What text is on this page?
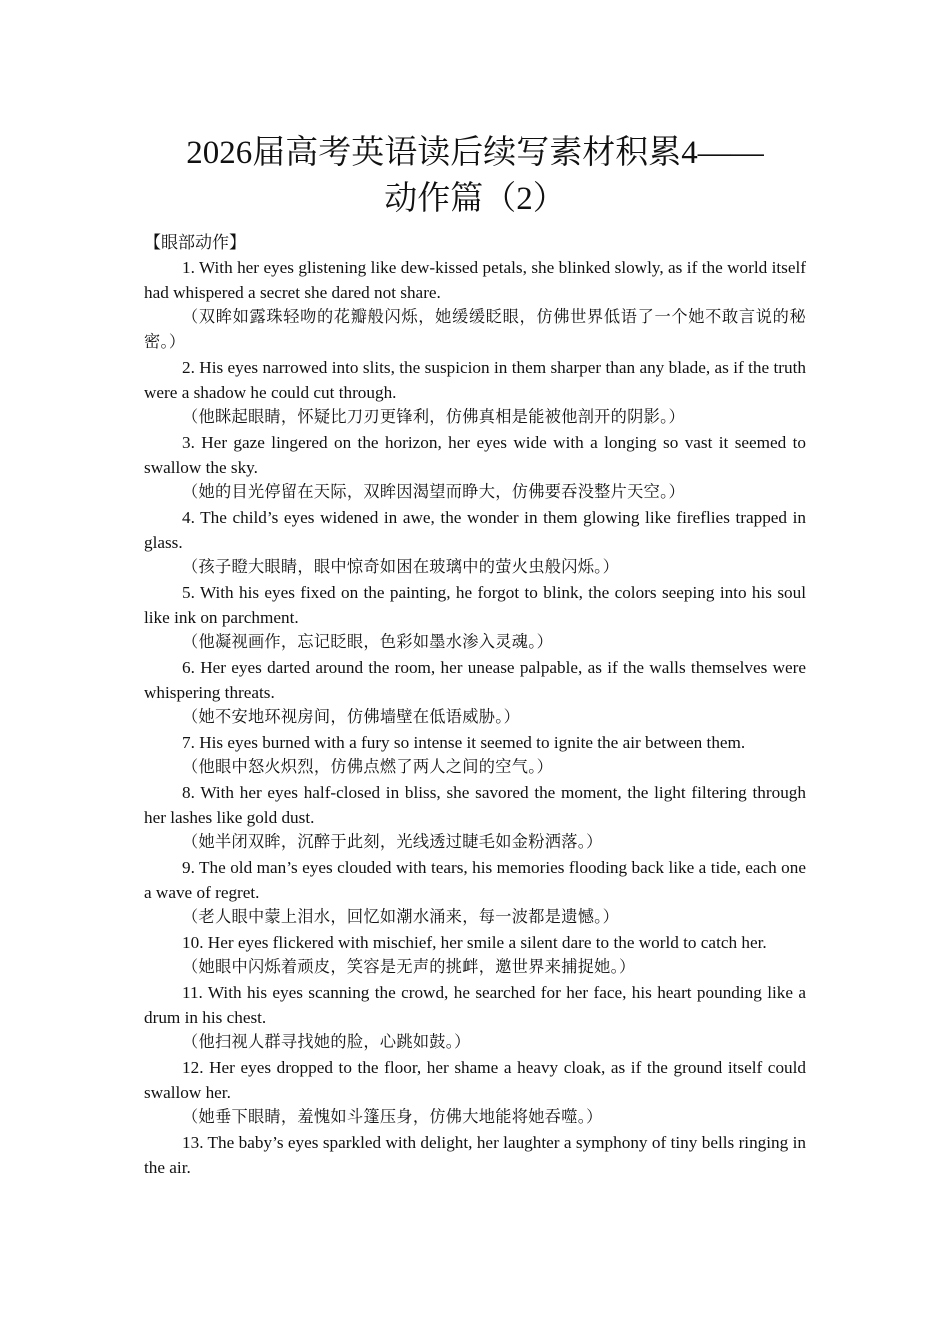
2026届高考英语读后续写素材积累4——
动作篇（2）

【眼部动作】

1. With her eyes glistening like dew-kissed petals, she blinked slowly, as if the world itself had whispered a secret she dared not share.

（双眸如露珠轻吻的花瓣般闪烁，她缓缓眨眼，仿佛世界低语了一个她不敢言说的秘密。）

2. His eyes narrowed into slits, the suspicion in them sharper than any blade, as if the truth were a shadow he could cut through.

（他眯起眼睛，怀疑比刀刃更锋利，仿佛真相是能被他剖开的阴影。）

3. Her gaze lingered on the horizon, her eyes wide with a longing so vast it seemed to swallow the sky.

（她的目光停留在天际，双眸因渴望而睁大，仿佛要吞没整片天空。）

4. The child’s eyes widened in awe, the wonder in them glowing like fireflies trapped in glass.

（孩子瞪大眼睛，眼中惊奇如困在玻璃中的萤火虫般闪烁。）

5. With his eyes fixed on the painting, he forgot to blink, the colors seeping into his soul like ink on parchment.

（他凝视画作，忘记眨眼，色彩如墨水渗入灵魂。）

6. Her eyes darted around the room, her unease palpable, as if the walls themselves were whispering threats.

（她不安地环视房间，仿佛墙壁在低语威胁。）

7. His eyes burned with a fury so intense it seemed to ignite the air between them.

（他眼中怒火炽烈，仿佛点燃了两人之间的空气。）

8. With her eyes half-closed in bliss, she savored the moment, the light filtering through her lashes like gold dust.

（她半闭双眸，沉醉于此刻，光线透过睫毛如金粉洒落。）

9. The old man’s eyes clouded with tears, his memories flooding back like a tide, each one a wave of regret.

（老人眼中蒙上泪水，回忆如潮水涌来，每一波都是遗憾。）

10. Her eyes flickered with mischief, her smile a silent dare to the world to catch her.

（她眼中闪烁着顽皮，笑容是无声的挑衅，邀世界来捕捉她。）

11. With his eyes scanning the crowd, he searched for her face, his heart pounding like a drum in his chest.

（他扫视人群寻找她的脸，心跳如鼓。）

12. Her eyes dropped to the floor, her shame a heavy cloak, as if the ground itself could swallow her.

（她垂下眼睛，羞愧如斗篷压身，仿佛大地能将她吞噬。）

13. The baby’s eyes sparkled with delight, her laughter a symphony of tiny bells ringing in the air.
